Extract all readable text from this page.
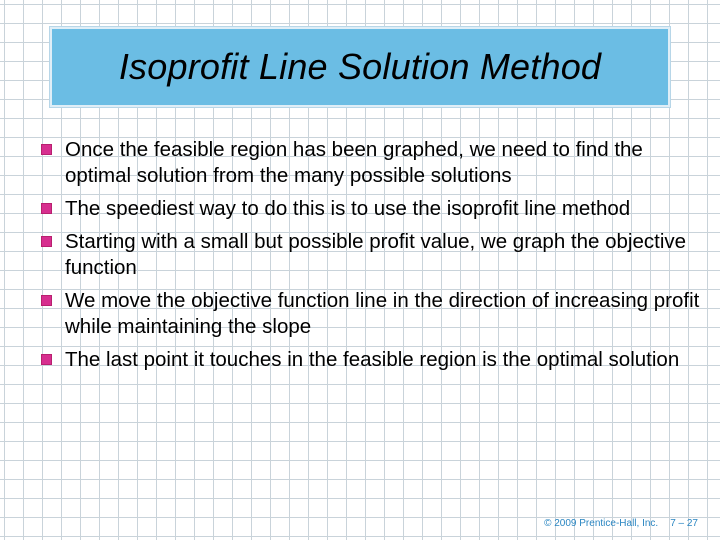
Isoprofit Line Solution Method
Once the feasible region has been graphed, we need to find the optimal solution from the many possible solutions
The speediest way to do this is to use the isoprofit line method
Starting with a small but possible profit value, we graph the objective function
We move the objective function line in the direction of increasing profit while maintaining the slope
The last point it touches in the feasible region is the optimal solution
© 2009 Prentice-Hall, Inc. 7 – 27
